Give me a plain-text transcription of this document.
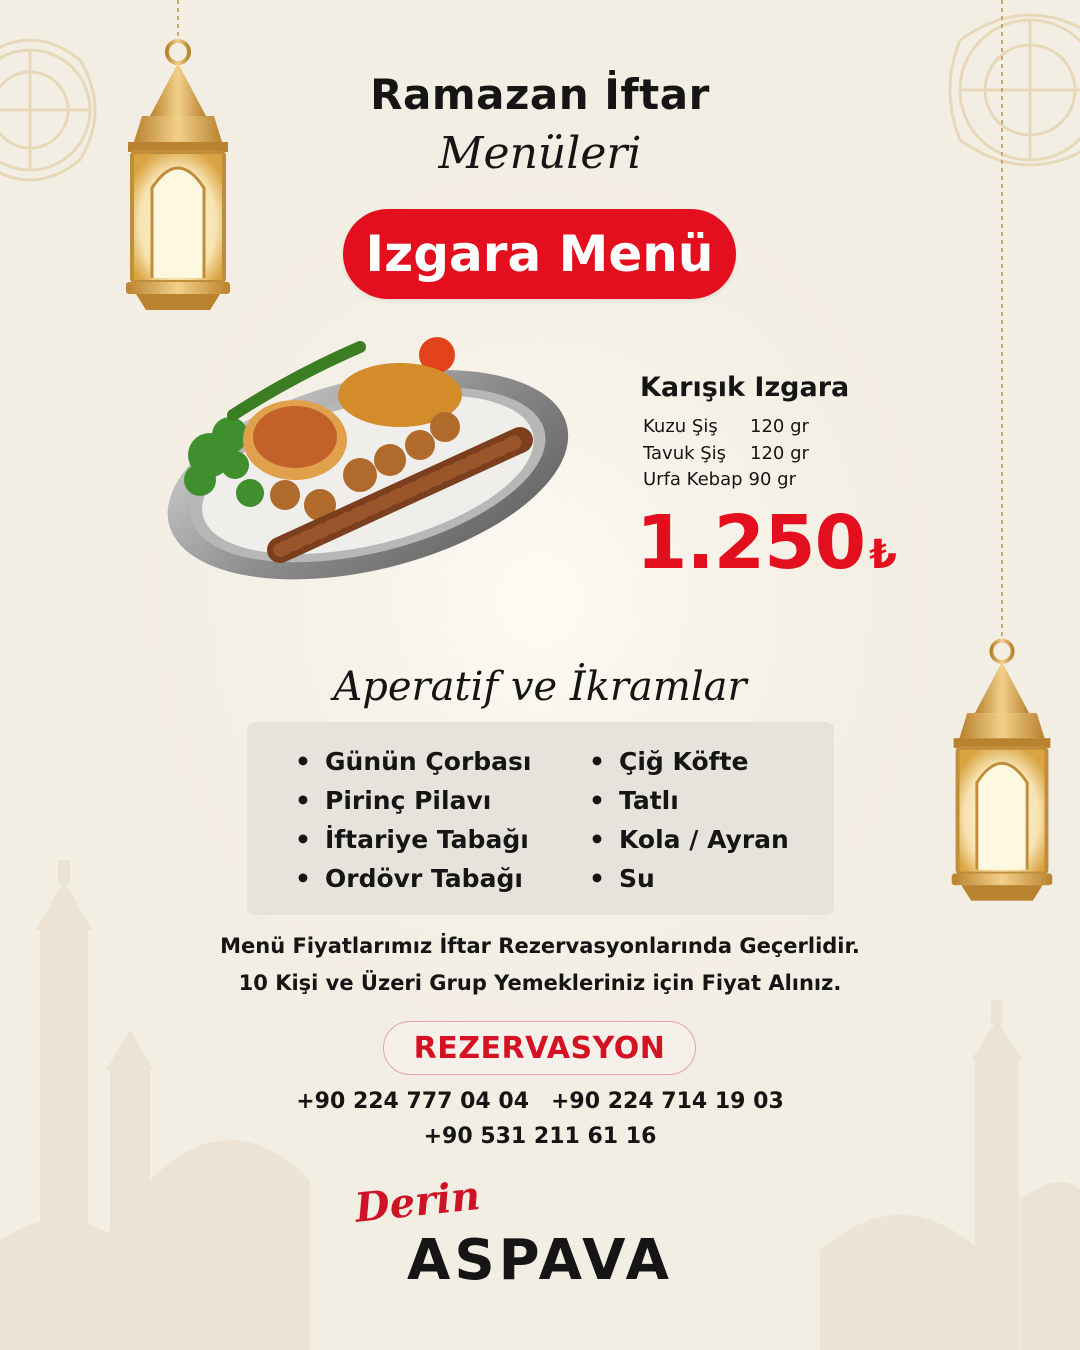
Ramazan İftar
Menüleri
Izgara Menü
Karışık Izgara
Kuzu Şiş	120 gr
Tavuk Şiş	120 gr
Urfa Kebap 90 gr
1.250 ₺
Aperatif ve İkramlar
• Günün Çorbası
• Pirinç Pilavı
• İftariye Tabağı
• Ordövr Tabağı
• Çiğ Köfte
• Tatlı
• Kola / Ayran
• Su
Menü Fiyatlarımız İftar Rezervasyonlarında Geçerlidir.
10 Kişi ve Üzeri Grup Yemekleriniz için Fiyat Alınız.
REZERVASYON
+90 224 777 04 04 +90 224 714 19 03
+90 531 211 61 16
Derin
ASPAVA
